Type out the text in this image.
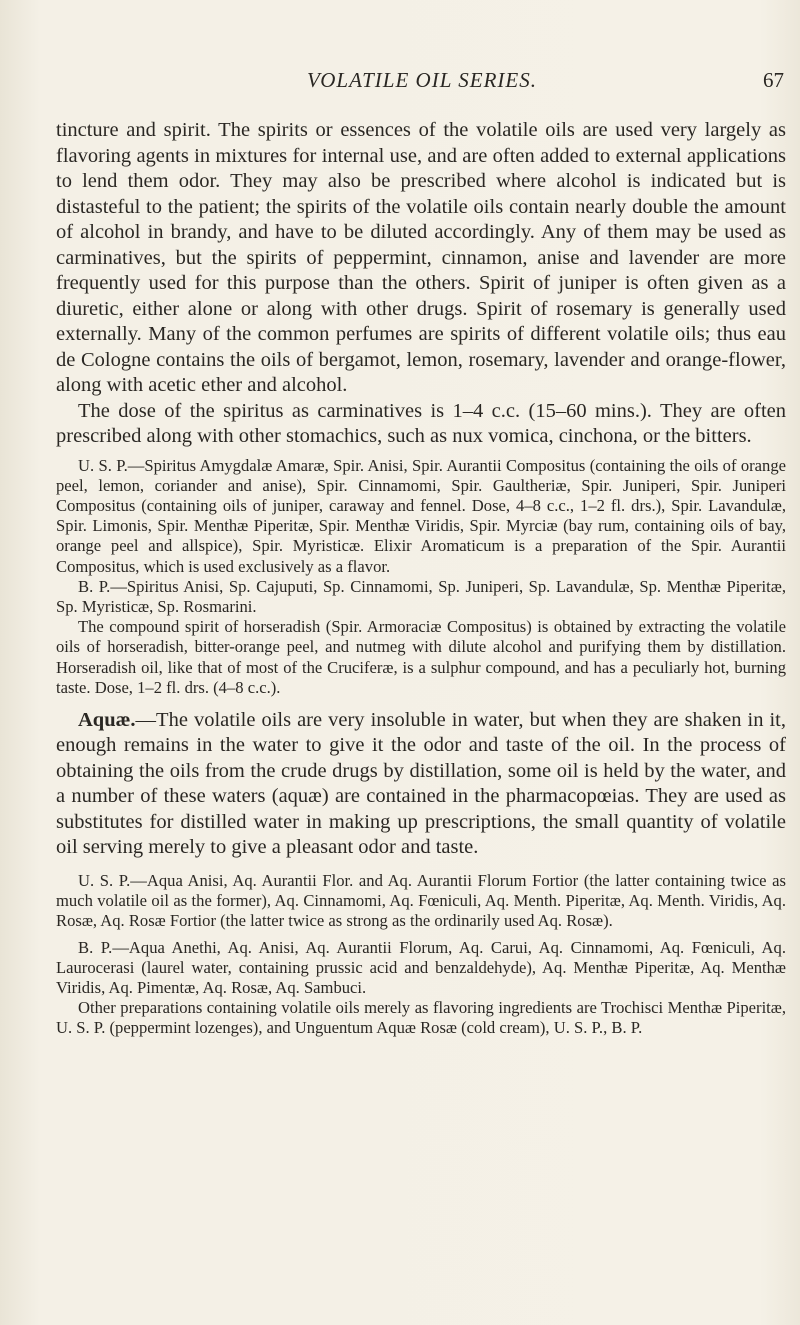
VOLATILE OIL SERIES.	67

tincture and spirit. The spirits or essences of the volatile oils are used very largely as flavoring agents in mixtures for internal use, and are often added to external applications to lend them odor. They may also be prescribed where alcohol is indicated but is distasteful to the patient; the spirits of the volatile oils contain nearly double the amount of alcohol in brandy, and have to be diluted accordingly. Any of them may be used as carminatives, but the spirits of peppermint, cinnamon, anise and lavender are more frequently used for this purpose than the others. Spirit of juniper is often given as a diuretic, either alone or along with other drugs. Spirit of rosemary is generally used externally. Many of the common perfumes are spirits of different volatile oils; thus eau de Cologne contains the oils of bergamot, lemon, rosemary, lavender and orange-flower, along with acetic ether and alcohol.

The dose of the spiritus as carminatives is 1–4 c.c. (15–60 mins.). They are often prescribed along with other stomachics, such as nux vomica, cinchona, or the bitters.

U. S. P.—Spiritus Amygdalæ Amaræ, Spir. Anisi, Spir. Aurantii Compositus (containing the oils of orange peel, lemon, coriander and anise), Spir. Cinnamomi, Spir. Gaultheriæ, Spir. Juniperi, Spir. Juniperi Compositus (containing oils of juniper, caraway and fennel. Dose, 4–8 c.c., 1–2 fl. drs.), Spir. Lavandulæ, Spir. Limonis, Spir. Menthæ Piperitæ, Spir. Menthæ Viridis, Spir. Myrciæ (bay rum, containing oils of bay, orange peel and allspice), Spir. Myristicæ. Elixir Aromaticum is a preparation of the Spir. Aurantii Compositus, which is used exclusively as a flavor.

B. P.—Spiritus Anisi, Sp. Cajuputi, Sp. Cinnamomi, Sp. Juniperi, Sp. Lavandulæ, Sp. Menthæ Piperitæ, Sp. Myristicæ, Sp. Rosmarini.

The compound spirit of horseradish (Spir. Armoraciæ Compositus) is obtained by extracting the volatile oils of horseradish, bitter-orange peel, and nutmeg with dilute alcohol and purifying them by distillation. Horseradish oil, like that of most of the Cruciferæ, is a sulphur compound, and has a peculiarly hot, burning taste. Dose, 1–2 fl. drs. (4–8 c.c.).

Aquæ.—The volatile oils are very insoluble in water, but when they are shaken in it, enough remains in the water to give it the odor and taste of the oil. In the process of obtaining the oils from the crude drugs by distillation, some oil is held by the water, and a number of these waters (aquæ) are contained in the pharmacopœias. They are used as substitutes for distilled water in making up prescriptions, the small quantity of volatile oil serving merely to give a pleasant odor and taste.

U. S. P.—Aqua Anisi, Aq. Aurantii Flor. and Aq. Aurantii Florum Fortior (the latter containing twice as much volatile oil as the former), Aq. Cinnamomi, Aq. Fœniculi, Aq. Menth. Piperitæ, Aq. Menth. Viridis, Aq. Rosæ, Aq. Rosæ Fortior (the latter twice as strong as the ordinarily used Aq. Rosæ).

B. P.—Aqua Anethi, Aq. Anisi, Aq. Aurantii Florum, Aq. Carui, Aq. Cinnamomi, Aq. Fœniculi, Aq. Laurocerasi (laurel water, containing prussic acid and benzaldehyde), Aq. Menthæ Piperitæ, Aq. Menthæ Viridis, Aq. Pimentæ, Aq. Rosæ, Aq. Sambuci.

Other preparations containing volatile oils merely as flavoring ingredients are Trochisci Menthæ Piperitæ, U. S. P. (peppermint lozenges), and Unguentum Aquæ Rosæ (cold cream), U. S. P., B. P.
